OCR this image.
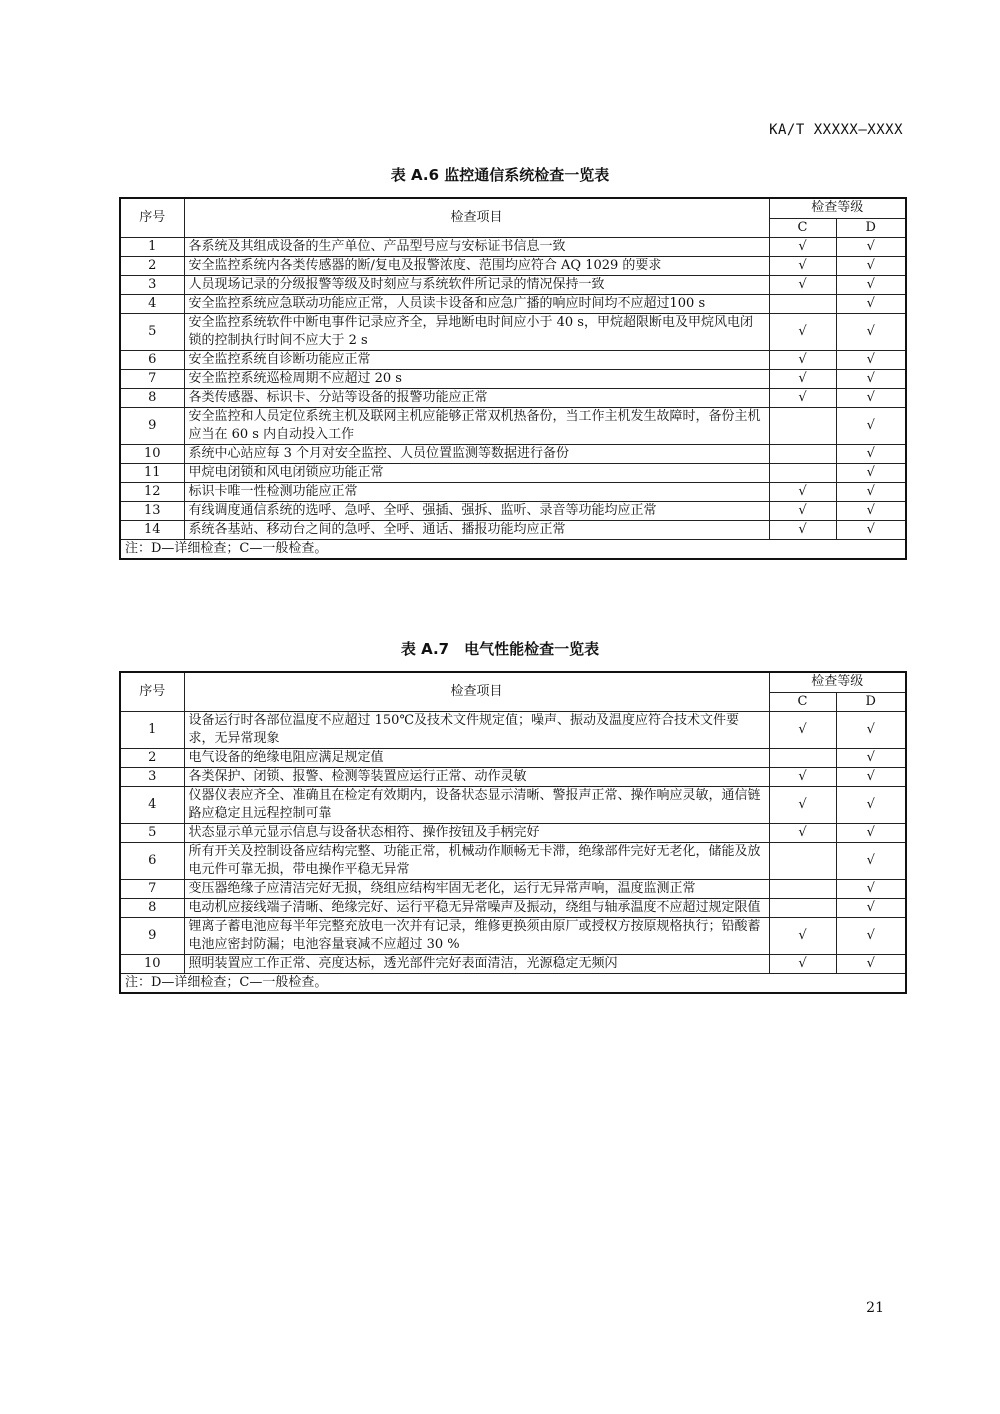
KA/T XXXXX—XXXX
表 A.6 监控通信系统检查一览表
序号	检查项目	检查等级	
		C	D
1	各系统及其组成设备的生产单位、产品型号应与安标证书信息一致	√	√
2	安全监控系统内各类传感器的断/复电及报警浓度、范围均应符合 AQ 1029 的要求	√	√
3	人员现场记录的分级报警等级及时刻应与系统软件所记录的情况保持一致	√	√
4	安全监控系统应急联动功能应正常，人员读卡设备和应急广播的响应时间均不应超过100 s		√
5	安全监控系统软件中断电事件记录应齐全，异地断电时间应小于 40 s，甲烷超限断电及甲烷风电闭锁的控制执行时间不应大于 2 s	√	√
6	安全监控系统自诊断功能应正常	√	√
7	安全监控系统巡检周期不应超过 20 s	√	√
8	各类传感器、标识卡、分站等设备的报警功能应正常	√	√
9	安全监控和人员定位系统主机及联网主机应能够正常双机热备份，当工作主机发生故障时，备份主机应当在 60 s 内自动投入工作		√
10	系统中心站应每 3 个月对安全监控、人员位置监测等数据进行备份		√
11	甲烷电闭锁和风电闭锁应功能正常		√
12	标识卡唯一性检测功能应正常	√	√
13	有线调度通信系统的选呼、急呼、全呼、强插、强拆、监听、录音等功能均应正常	√	√
14	系统各基站、移动台之间的急呼、全呼、通话、播报功能均应正常	√	√
注：D—详细检查；C—一般检查。			
表 A.7　电气性能检查一览表
序号	检查项目	检查等级	
		C	D
1	设备运行时各部位温度不应超过 150℃及技术文件规定值；噪声、振动及温度应符合技术文件要求，无异常现象	√	√
2	电气设备的绝缘电阻应满足规定值		√
3	各类保护、闭锁、报警、检测等装置应运行正常、动作灵敏	√	√
4	仪器仪表应齐全、准确且在检定有效期内，设备状态显示清晰、警报声正常、操作响应灵敏，通信链路应稳定且远程控制可靠	√	√
5	状态显示单元显示信息与设备状态相符、操作按钮及手柄完好	√	√
6	所有开关及控制设备应结构完整、功能正常，机械动作顺畅无卡滞，绝缘部件完好无老化，储能及放电元件可靠无损，带电操作平稳无异常		√
7	变压器绝缘子应清洁完好无损，绕组应结构牢固无老化，运行无异常声响，温度监测正常		√
8	电动机应接线端子清晰、绝缘完好、运行平稳无异常噪声及振动，绕组与轴承温度不应超过规定限值		√
9	锂离子蓄电池应每半年完整充放电一次并有记录，维修更换须由原厂或授权方按原规格执行；铅酸蓄电池应密封防漏；电池容量衰减不应超过 30 %	√	√
10	照明装置应工作正常、亮度达标，透光部件完好表面清洁，光源稳定无频闪	√	√
注：D—详细检查；C—一般检查。			
21
